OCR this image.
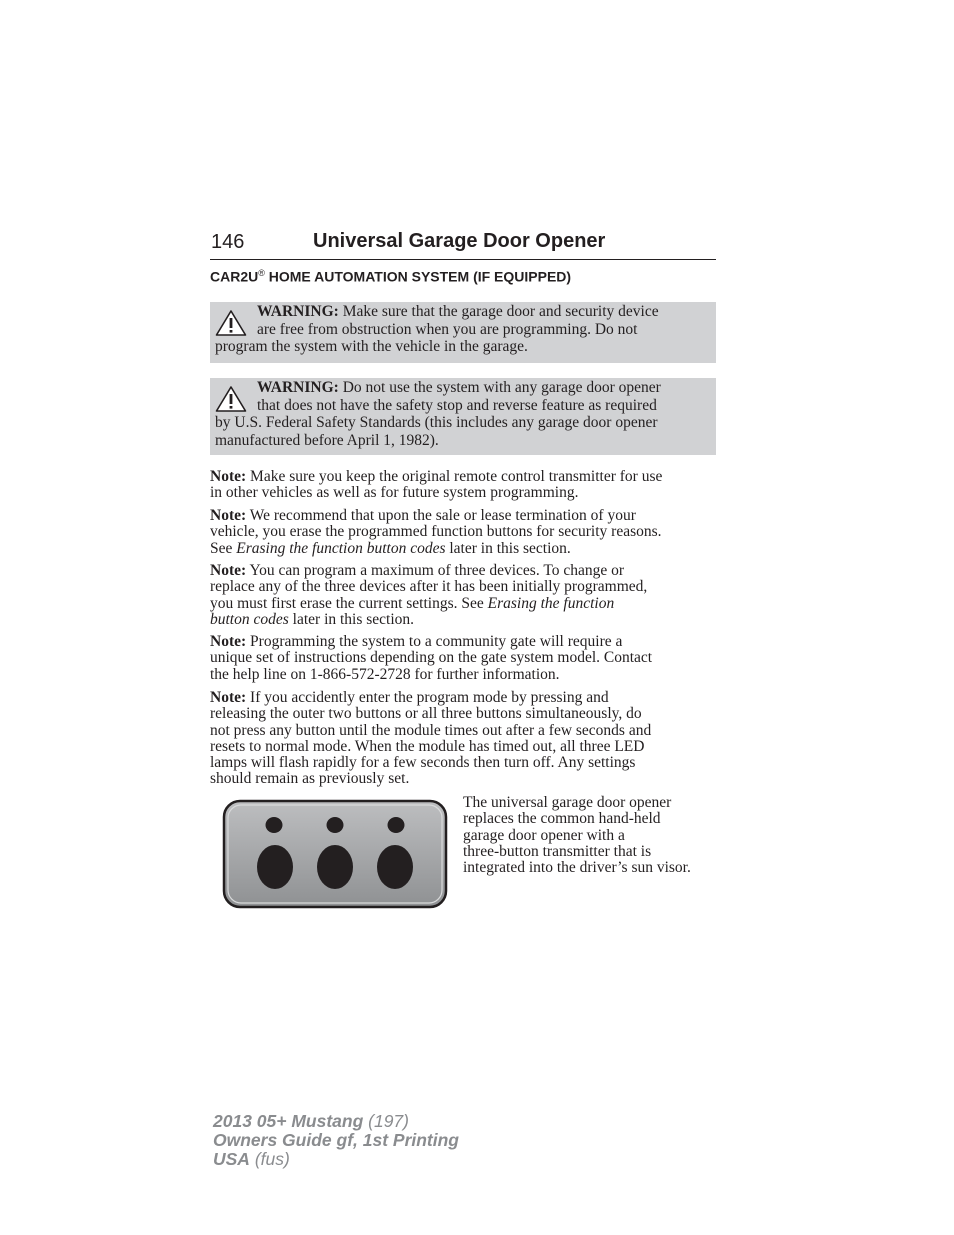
146	Universal Garage Door Opener
CAR2U® HOME AUTOMATION SYSTEM (IF EQUIPPED)
WARNING: Make sure that the garage door and security device
are free from obstruction when you are programming. Do not
program the system with the vehicle in the garage.
WARNING: Do not use the system with any garage door opener
that does not have the safety stop and reverse feature as required
by U.S. Federal Safety Standards (this includes any garage door opener
manufactured before April 1, 1982).
Note: Make sure you keep the original remote control transmitter for use
in other vehicles as well as for future system programming.
Note: We recommend that upon the sale or lease termination of your
vehicle, you erase the programmed function buttons for security reasons.
See Erasing the function button codes later in this section.
Note: You can program a maximum of three devices. To change or
replace any of the three devices after it has been initially programmed,
you must first erase the current settings. See Erasing the function
button codes later in this section.
Note: Programming the system to a community gate will require a
unique set of instructions depending on the gate system model. Contact
the help line on 1-866-572-2728 for further information.
Note: If you accidently enter the program mode by pressing and
releasing the outer two buttons or all three buttons simultaneously, do
not press any button until the module times out after a few seconds and
resets to normal mode. When the module has timed out, all three LED
lamps will flash rapidly for a few seconds then turn off. Any settings
should remain as previously set.
The universal garage door opener
replaces the common hand-held
garage door opener with a
three-button transmitter that is
integrated into the driver’s sun visor.
2013 05+ Mustang (197)
Owners Guide gf, 1st Printing
USA (fus)
